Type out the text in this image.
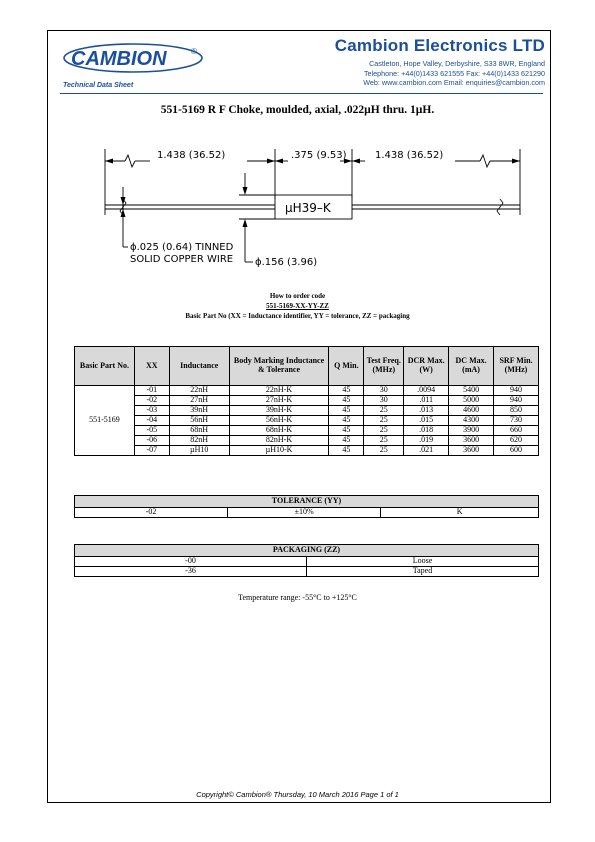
CAMBION	®
Technical Data Sheet
Cambion Electronics LTD
Castleton, Hope Valley, Derbyshire, S33 8WR, England
Telephone: +44(0)1433 621555 Fax: +44(0)1433 621290
Web: www.cambion.com Email: enquiries@cambion.com
551-5169 R F Choke, moulded, axial, .022µH thru. 1µH.
1.438 (36.52)	.375 (9.53)	1.438 (36.52)
µH39–K
ɸ.025 (0.64) TINNED
SOLID COPPER WIRE ɸ.156 (3.96)
How to order code
551-5169-XX-YY-ZZ
Basic Part No (XX = Inductance identifier, YY = tolerance, ZZ = packaging
Basic Part No.	XX	Inductance	Body Marking Inductance & Tolerance	Q Min.	Test Freq. (MHz)	DCR Max. (W)	DC Max. (mA)	SRF Min. (MHz)
551-5169	-01	22nH	22nH-K	45	30	.0094	5400	940
	-02	27nH	27nH-K	45	30	.011	5000	940
	-03	39nH	39nH-K	45	25	.013	4600	850
	-04	56nH	56nH-K	45	25	.015	4300	730
	-05	68nH	68nH-K	45	25	.018	3900	660
	-06	82nH	82nH-K	45	25	.019	3600	620
	-07	µH10	µH10-K	45	25	.021	3600	600
TOLERANCE (YY)
-02	±10%	K
PACKAGING (ZZ)	
-00	Loose
-36	Taped
Temperature range: -55°C to +125°C
Copyright© Cambion® Thursday, 10 March 2016 Page 1 of 1
